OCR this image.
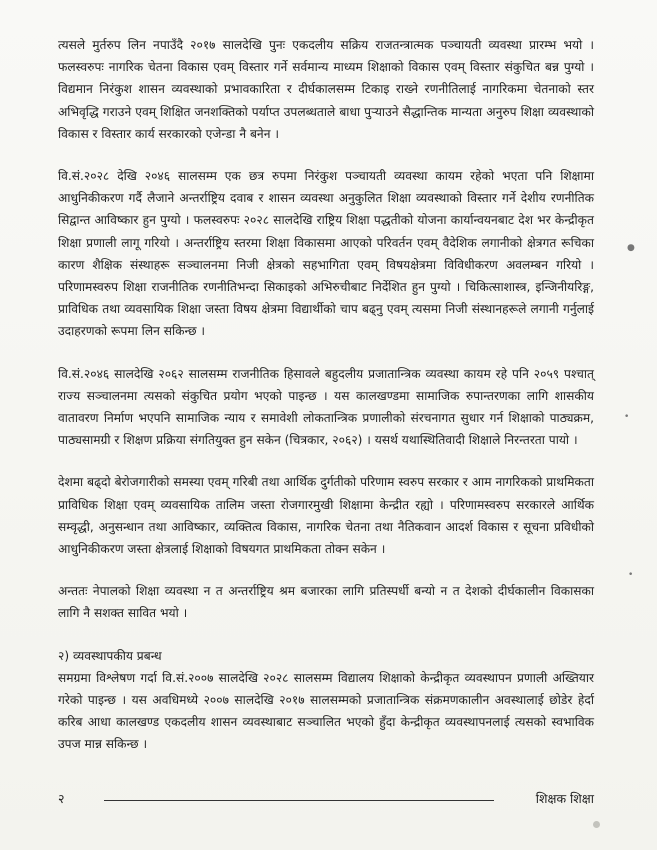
त्यसले मुर्तरुप लिन नपाउँदै २०१७ सालदेखि पुनः एकदलीय सक्रिय राजतन्त्रात्मक पञ्चायती व्यवस्था प्रारम्भ भयो । फलस्वरुपः नागरिक चेतना विकास एवम् विस्तार गर्ने सर्वमान्य माध्यम शिक्षाको विकास एवम् विस्तार संकुचित बन्न पुग्यो । विद्यमान निरंकुश शासन व्यवस्थाको प्रभावकारिता र दीर्घकालसम्म टिकाइ राख्ने रणनीतिलाई नागरिकमा चेतनाको स्तर अभिवृद्धि गराउने एवम् शिक्षित जनशक्तिको पर्याप्त उपलब्धताले बाधा पुऱ्याउने सैद्धान्तिक मान्यता अनुरुप शिक्षा व्यवस्थाको विकास र विस्तार कार्य सरकारको एजेन्डा नै बनेन ।

वि.सं.२०२८ देखि २०४६ सालसम्म एक छत्र रुपमा निरंकुश पञ्चायती व्यवस्था कायम रहेको भएता पनि शिक्षामा आधुनिकीकरण गर्दै लैजाने अन्तर्राष्ट्रिय दवाब र शासन व्यवस्था अनुकुलित शिक्षा व्यवस्थाको विस्तार गर्ने देशीय रणनीतिक सिद्वान्त आविष्कार हुन पुग्यो । फलस्वरुपः २०२८ सालदेखि राष्ट्रिय शिक्षा पद्धतीको योजना कार्यान्वयनबाट देश भर केन्द्रीकृत शिक्षा प्रणाली लागू गरियो । अन्तर्राष्ट्रिय स्तरमा शिक्षा विकासमा आएको परिवर्तन एवम् वैदेशिक लगानीको क्षेत्रगत रूचिका कारण शैक्षिक संस्थाहरू सञ्चालनमा निजी क्षेत्रको सहभागिता एवम् विषयक्षेत्रमा विविधीकरण अवलम्बन गरियो । परिणामस्वरुप शिक्षा राजनीतिक रणनीतिभन्दा सिकाइको अभिरुचीबाट निर्देशित हुन पुग्यो । चिकित्साशास्त्र, इन्जिनीयरिङ्ग, प्राविधिक तथा व्यवसायिक शिक्षा जस्ता विषय क्षेत्रमा विद्यार्थीको चाप बढ्नु एवम् त्यसमा निजी संस्थानहरूले लगानी गर्नुलाई उदाहरणको रूपमा लिन सकिन्छ ।

वि.सं.२०४६ सालदेखि २०६२ सालसम्म राजनीतिक हिसावले बहुदलीय प्रजातान्त्रिक व्यवस्था कायम रहे पनि २०५९ पश्चात् राज्य सञ्चालनमा त्यसको संकुचित प्रयोग भएको पाइन्छ । यस कालखण्डमा सामाजिक रुपान्तरणका लागि शासकीय वातावरण निर्माण भएपनि सामाजिक न्याय र समावेशी लोकतान्त्रिक प्रणालीको संरचनागत सुधार गर्न शिक्षाको पाठ्यक्रम, पाठ्यसामग्री र शिक्षण प्रक्रिया संगतियुक्त हुन सकेन (चित्रकार, २०६२) । यसर्थ यथास्थितिवादी शिक्षाले निरन्तरता पायो ।

देशमा बढ्दो बेरोजगारीको समस्या एवम् गरिबी तथा आर्थिक दुर्गतीको परिणाम स्वरुप सरकार र आम नागरिकको प्राथमिकता प्राविधिक शिक्षा एवम् व्यवसायिक तालिम जस्ता रोजगारमुखी शिक्षामा केन्द्रीत रह्यो । परिणामस्वरुप सरकारले आर्थिक सम्वृद्धी, अनुसन्धान तथा आविष्कार, व्यक्तित्व विकास, नागरिक चेतना तथा नैतिकवान आदर्श विकास र सूचना प्रविधीको आधुनिकीकरण जस्ता क्षेत्रलाई शिक्षाको विषयगत प्राथमिकता तोक्न सकेन ।

अन्ततः नेपालको शिक्षा व्यवस्था न त अन्तर्राष्ट्रिय श्रम बजारका लागि प्रतिस्पर्धी बन्यो न त देशको दीर्घकालीन विकासका लागि नै सशक्त सावित भयो ।

२) व्यवस्थापकीय प्रबन्ध

समग्रमा विश्लेषण गर्दा वि.सं.२००७ सालदेखि २०२८ सालसम्म विद्यालय शिक्षाको केन्द्रीकृत व्यवस्थापन प्रणाली अख्तियार गरेको पाइन्छ । यस अवधिमध्ये २००७ सालदेखि २०१७ सालसम्मको प्रजातान्त्रिक संक्रमणकालीन अवस्थालाई छोडेर हेर्दा करिब आधा कालखण्ड एकदलीय शासन व्यवस्थाबाट सञ्चालित भएको हुँदा केन्द्रीकृत व्यवस्थापनलाई त्यसको स्वभाविक उपज मान्न सकिन्छ ।

२	शिक्षक शिक्षा
●
•
•
